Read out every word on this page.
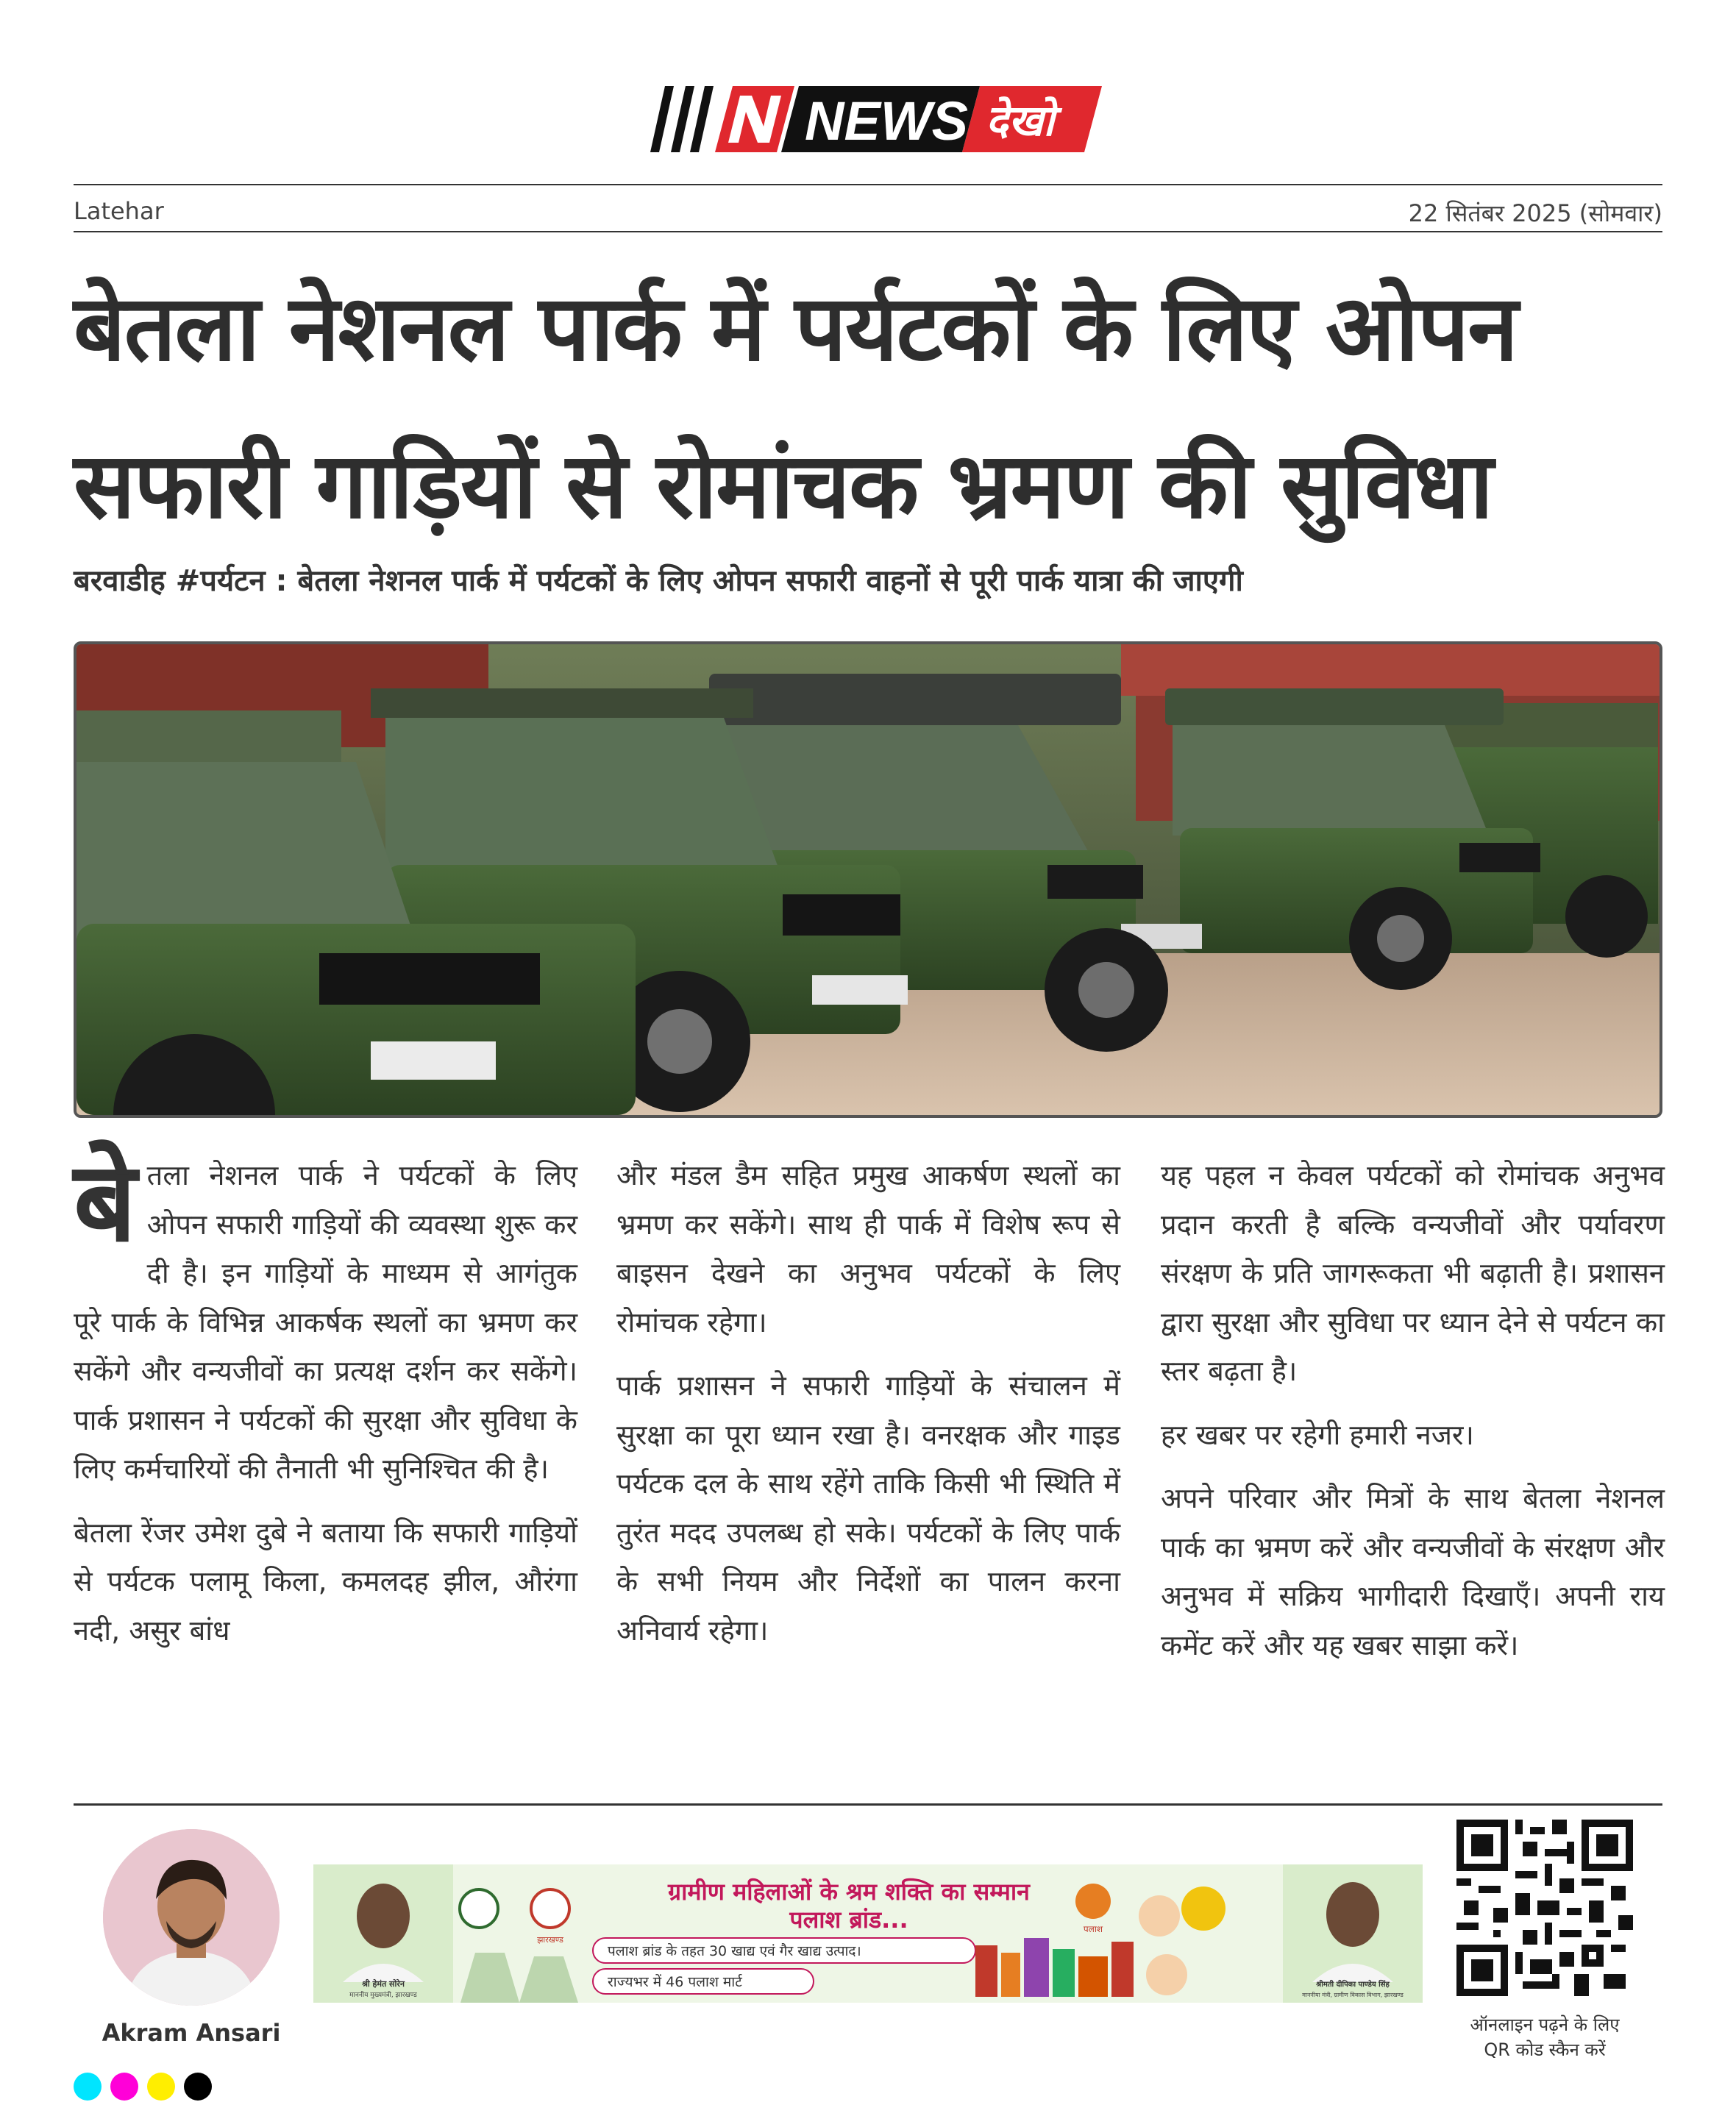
NEWS देखो
Latehar	22 सितंबर 2025 (सोमवार)
बेतला नेशनल पार्क में पर्यटकों के लिए ओपन
सफारी गाड़ियों से रोमांचक भ्रमण की सुविधा

बरवाडीह #पर्यटन : बेतला नेशनल पार्क में पर्यटकों के लिए ओपन सफारी वाहनों से पूरी पार्क यात्रा की जाएगी

बेतला नेशनल पार्क ने पर्यटकों के लिए ओपन सफारी गाड़ियों की व्यवस्था शुरू कर दी है। इन गाड़ियों के माध्यम से आगंतुक पूरे पार्क के विभिन्न आकर्षक स्थलों का भ्रमण कर सकेंगे और वन्यजीवों का प्रत्यक्ष दर्शन कर सकेंगे। पार्क प्रशासन ने पर्यटकों की सुरक्षा और सुविधा के लिए कर्मचारियों की तैनाती भी सुनिश्चित की है।

बेतला रेंजर उमेश दुबे ने बताया कि सफारी गाड़ियों से पर्यटक पलामू किला, कमलदह झील, औरंगा नदी, असुर बांध

और मंडल डैम सहित प्रमुख आकर्षण स्थलों का भ्रमण कर सकेंगे। साथ ही पार्क में विशेष रूप से बाइसन देखने का अनुभव पर्यटकों के लिए रोमांचक रहेगा।

पार्क प्रशासन ने सफारी गाड़ियों के संचालन में सुरक्षा का पूरा ध्यान रखा है। वनरक्षक और गाइड पर्यटक दल के साथ रहेंगे ताकि किसी भी स्थिति में तुरंत मदद उपलब्ध हो सके। पर्यटकों के लिए पार्क के सभी नियम और निर्देशों का पालन करना अनिवार्य रहेगा।

यह पहल न केवल पर्यटकों को रोमांचक अनुभव प्रदान करती है बल्कि वन्यजीवों और पर्यावरण संरक्षण के प्रति जागरूकता भी बढ़ाती है। प्रशासन द्वारा सुरक्षा और सुविधा पर ध्यान देने से पर्यटन का स्तर बढ़ता है।

हर खबर पर रहेगी हमारी नजर।

अपने परिवार और मित्रों के साथ बेतला नेशनल पार्क का भ्रमण करें और वन्यजीवों के संरक्षण और अनुभव में सक्रिय भागीदारी दिखाएँ। अपनी राय कमेंट करें और यह खबर साझा करें।

Akram Ansari
श्री हेमंत सोरेन
माननीय मुख्यमंत्री, झारखण्ड
झारखण्ड
ग्रामीण महिलाओं के श्रम शक्ति का सम्मान
पलाश ब्रांड...
पलाश ब्रांड के तहत 30 खाद्य एवं गैर खाद्य उत्पाद।
राज्यभर में 46 पलाश मार्ट
पलाश
श्रीमती दीपिका पाण्डेय सिंह
माननीया मंत्री, ग्रामीण विकास विभाग, झारखण्ड
ऑनलाइन पढ़ने के लिए
QR कोड स्कैन करें
